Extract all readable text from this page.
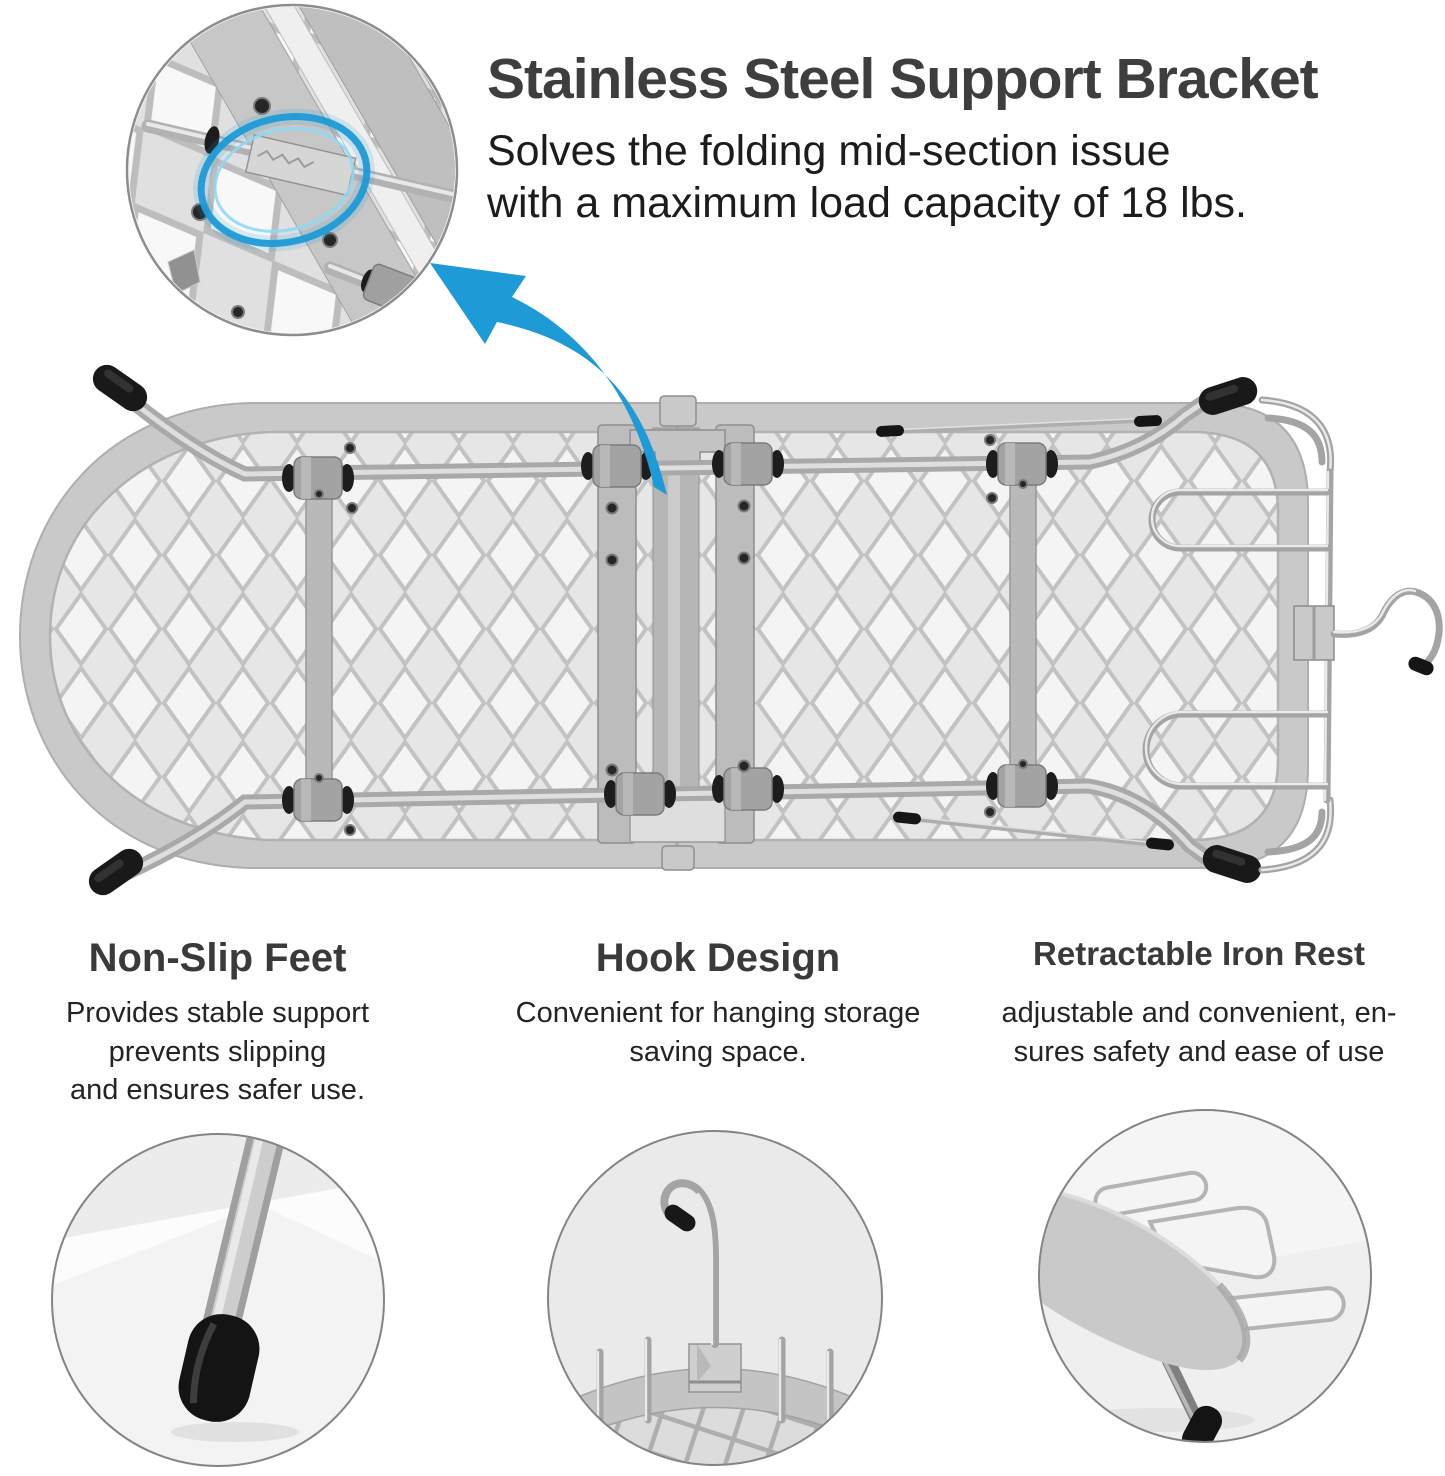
Stainless Steel Support Bracket

Solves the folding mid-section issue
with a maximum load capacity of 18 lbs.

Non-Slip Feet

Provides stable support
prevents slipping
and ensures safer use.

Hook Design

Convenient for hanging storage
saving space.

Retractable Iron Rest

adjustable and convenient, en-
sures safety and ease of use
